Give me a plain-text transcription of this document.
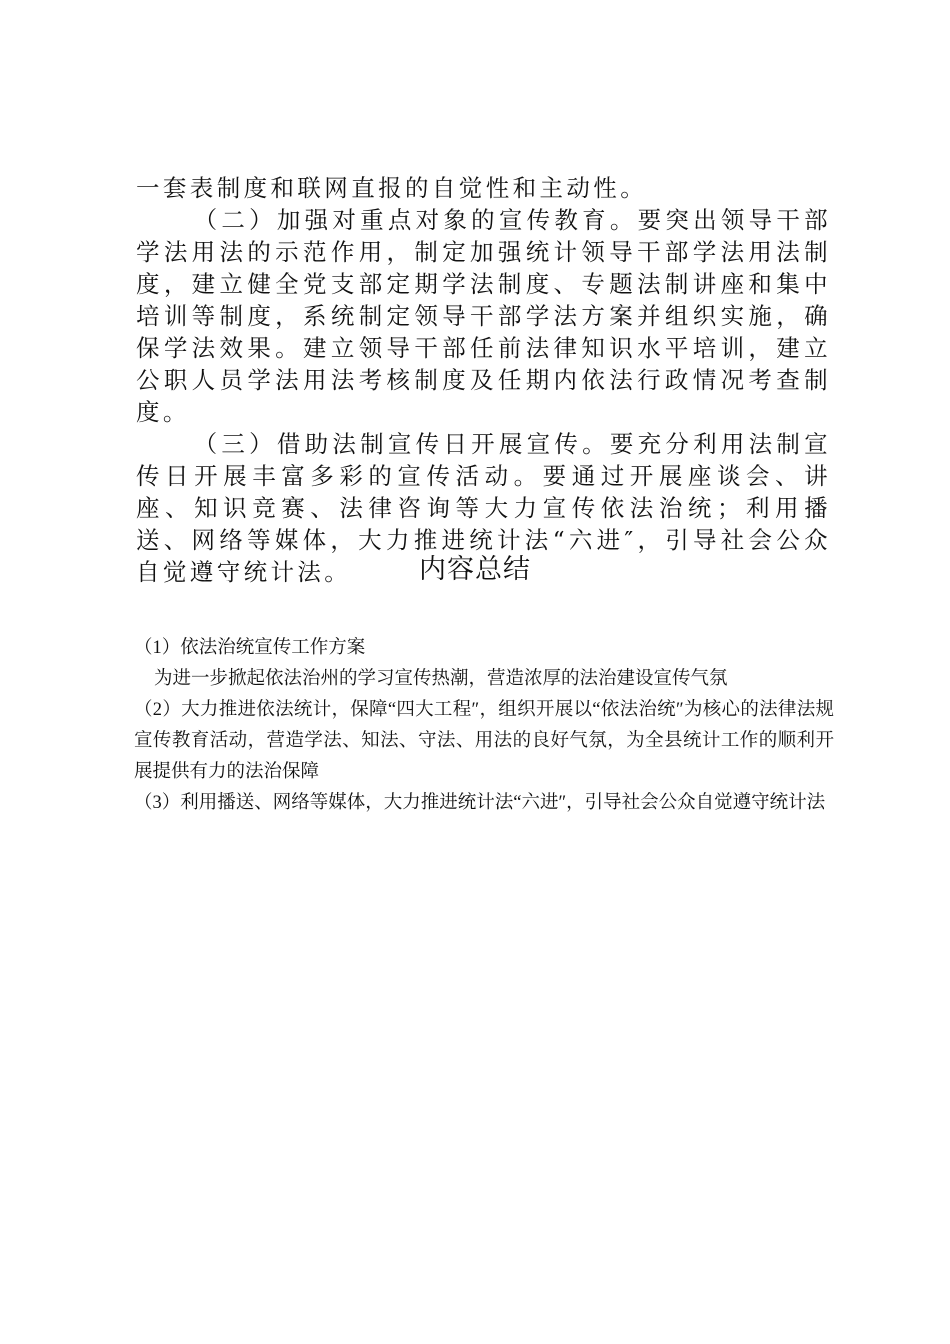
一套表制度和联网直报的自觉性和主动性。

（二）加强对重点对象的宣传教育。要突出领导干部学法用法的示范作用，制定加强统计领导干部学法用法制度，建立健全党支部定期学法制度、专题法制讲座和集中培训等制度，系统制定领导干部学法方案并组织实施，确保学法效果。建立领导干部任前法律知识水平培训，建立公职人员学法用法考核制度及任期内依法行政情况考查制度。

（三）借助法制宣传日开展宣传。要充分利用法制宣传日开展丰富多彩的宣传活动。要通过开展座谈会、讲座、知识竞赛、法律咨询等大力宣传依法治统；利用播送、网络等媒体，大力推进统计法“六进″，引导社会公众自觉遵守统计法。	内容总结

（1）依法治统宣传工作方案

为进一步掀起依法治州的学习宣传热潮，营造浓厚的法治建设宣传气氛

（2）大力推进依法统计，保障“四大工程″，组织开展以“依法治统″为核心的法律法规宣传教育活动，营造学法、知法、守法、用法的良好气氛，为全县统计工作的顺利开展提供有力的法治保障

（3）利用播送、网络等媒体，大力推进统计法“六进″，引导社会公众自觉遵守统计法
